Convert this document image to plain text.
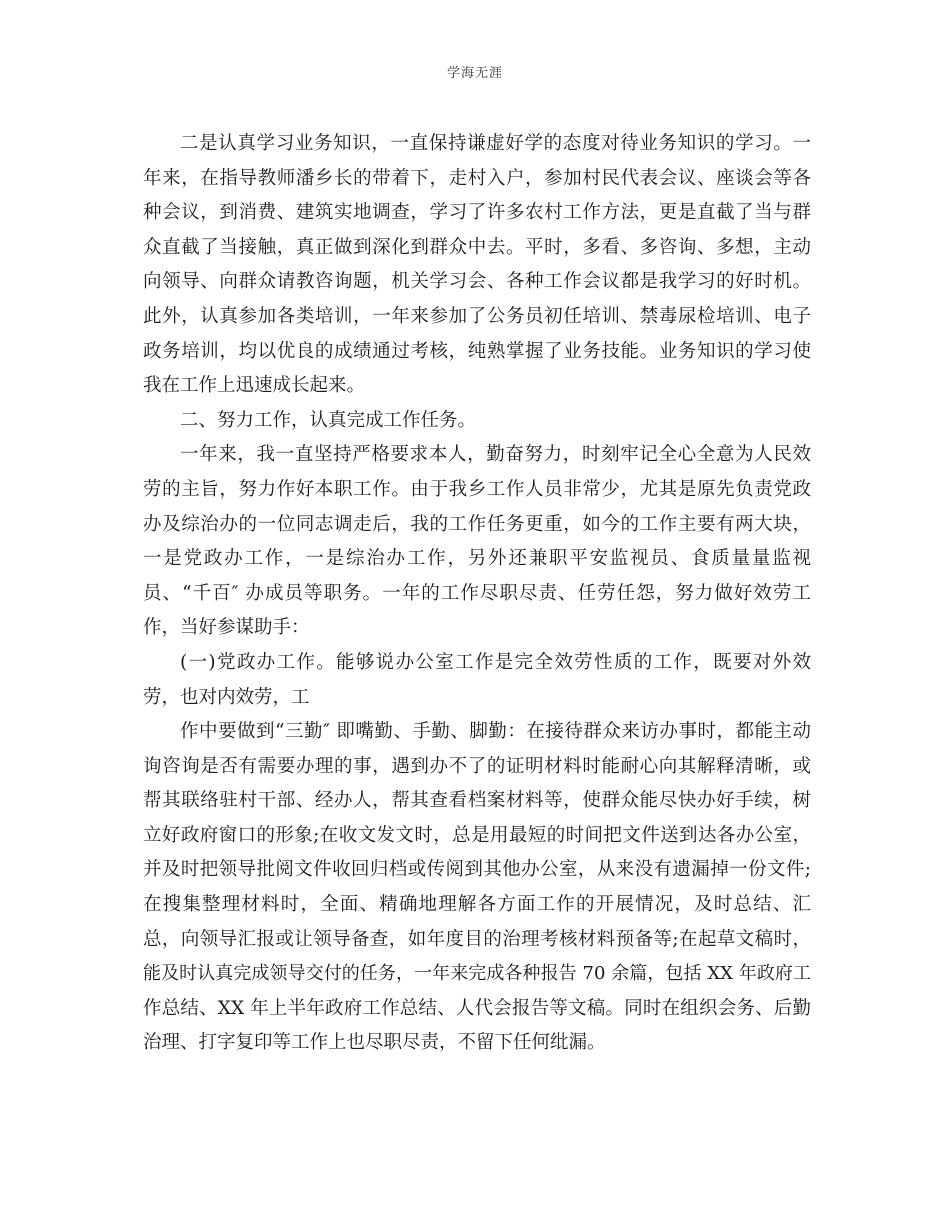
学海无涯
二是认真学习业务知识，一直保持谦虚好学的态度对待业务知识的学习。一
年来，在指导教师潘乡长的带着下，走村入户，参加村民代表会议、座谈会等各
种会议，到消费、建筑实地调查，学习了许多农村工作方法，更是直截了当与群
众直截了当接触，真正做到深化到群众中去。平时，多看、多咨询、多想，主动
向领导、向群众请教咨询题，机关学习会、各种工作会议都是我学习的好时机。
此外，认真参加各类培训，一年来参加了公务员初任培训、禁毒尿检培训、电子
政务培训，均以优良的成绩通过考核，纯熟掌握了业务技能。业务知识的学习使
我在工作上迅速成长起来。
二、努力工作，认真完成工作任务。
一年来，我一直坚持严格要求本人，勤奋努力，时刻牢记全心全意为人民效
劳的主旨，努力作好本职工作。由于我乡工作人员非常少，尤其是原先负责党政
办及综治办的一位同志调走后，我的工作任务更重，如今的工作主要有两大块，
一是党政办工作，一是综治办工作，另外还兼职平安监视员、食质量量监视
员、“千百″ 办成员等职务。一年的工作尽职尽责、任劳任怨，努力做好效劳工
作，当好参谋助手：
(一)党政办工作。能够说办公室工作是完全效劳性质的工作，既要对外效
劳，也对内效劳，工
作中要做到“三勤″ 即嘴勤、手勤、脚勤：在接待群众来访办事时，都能主动
询咨询是否有需要办理的事，遇到办不了的证明材料时能耐心向其解释清晰，或
帮其联络驻村干部、经办人，帮其查看档案材料等，使群众能尽快办好手续，树
立好政府窗口的形象;在收文发文时，总是用最短的时间把文件送到达各办公室，
并及时把领导批阅文件收回归档或传阅到其他办公室，从来没有遗漏掉一份文件;
在搜集整理材料时，全面、精确地理解各方面工作的开展情况，及时总结、汇
总，向领导汇报或让领导备查，如年度目的治理考核材料预备等;在起草文稿时，
能及时认真完成领导交付的任务，一年来完成各种报告 70 余篇，包括 XX 年政府工
作总结、XX 年上半年政府工作总结、人代会报告等文稿。同时在组织会务、后勤
治理、打字复印等工作上也尽职尽责，不留下任何纰漏。
